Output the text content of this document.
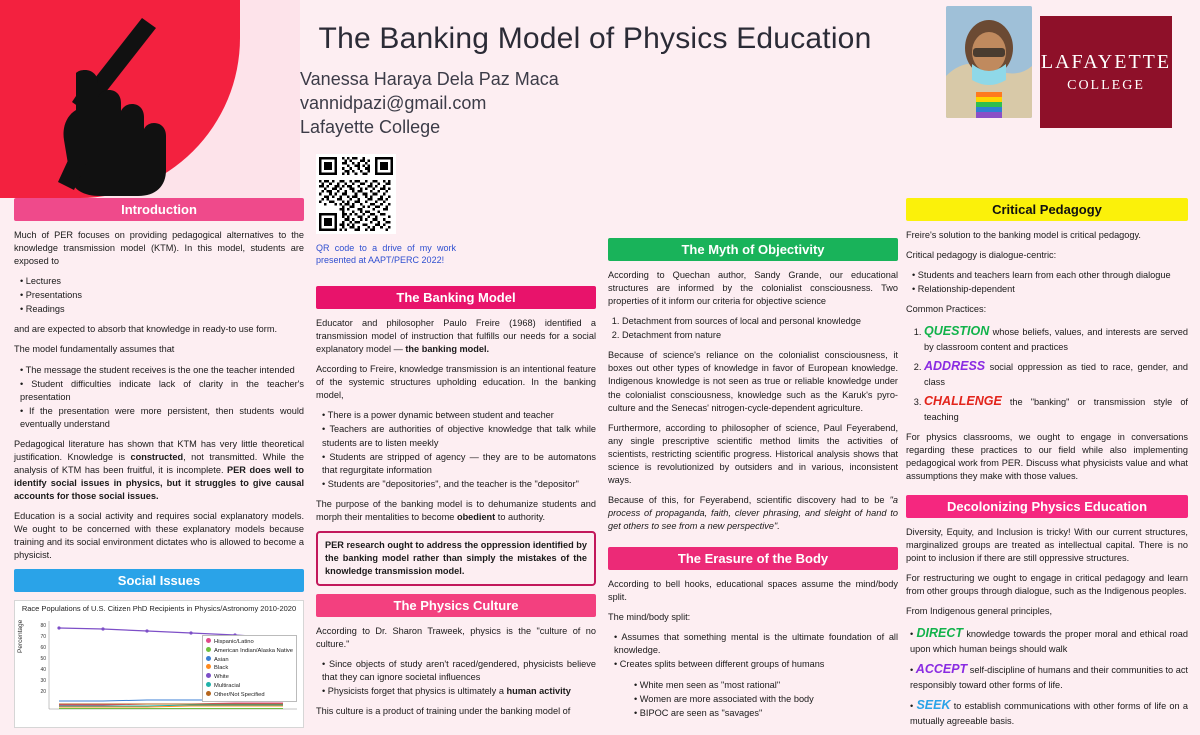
The Banking Model of Physics Education

Vanessa Haraya Dela Paz Maca

vannidpazi@gmail.com

Lafayette College

LAFAYETTE
COLLEGE
QR code to a drive of my work presented at AAPT/PERC 2022!
Introduction

Much of PER focuses on providing pedagogical alternatives to the knowledge transmission model (KTM). In this model, students are exposed to

• Lectures
• Presentations
• Readings

and are expected to absorb that knowledge in ready-to use form.

The model fundamentally assumes that

• The message the student receives is the one the teacher intended
• Student difficulties indicate lack of clarity in the teacher's presentation
• If the presentation were more persistent, then students would eventually understand

Pedagogical literature has shown that KTM has very little theoretical justification. Knowledge is constructed, not transmitted. While the analysis of KTM has been fruitful, it is incomplete. PER does well to identify social issues in physics, but it struggles to give causal accounts for those social issues.

Education is a social activity and requires social explanatory models. We ought to be concerned with these explanatory models because training and its social environment dictates who is allowed to become a physicist.

Social Issues
Race Populations of U.S. Citizen PhD Recipients in Physics/Astronomy 2010-2020
Percentage	80
70
60
50
40
30
20
Hispanic/Latino
American Indian/Alaska Native
Asian
Black
White
Multiracial
Other/Not Specified
The Banking Model

Educator and philosopher Paulo Freire (1968) identified a transmission model of instruction that fulfills our needs for a social explanatory model — the banking model.

According to Freire, knowledge transmission is an intentional feature of the systemic structures upholding education. In the banking model,

• There is a power dynamic between student and teacher
• Teachers are authorities of objective knowledge that talk while students are to listen meekly
• Students are stripped of agency — they are to be automatons that regurgitate information
• Students are "depositories", and the teacher is the "depositor"

The purpose of the banking model is to dehumanize students and morph their mentalities to become obedient to authority.

PER research ought to address the oppression identified by the banking model rather than simply the mistakes of the knowledge transmission model.
The Physics Culture

According to Dr. Sharon Traweek, physics is the "culture of no culture."

• Since objects of study aren't raced/gendered, physicists believe that they can ignore societal influences
• Physicists forget that physics is ultimately a human activity

This culture is a product of training under the banking model of

The Myth of Objectivity

According to Quechan author, Sandy Grande, our educational structures are informed by the colonialist consciousness. Two properties of it inform our criteria for objective science

1. Detachment from sources of local and personal knowledge
2. Detachment from nature

Because of science's reliance on the colonialist consciousness, it boxes out other types of knowledge in favor of European knowledge. Indigenous knowledge is not seen as true or reliable knowledge under the colonialist consciousness, knowledge such as the Karuk's pyro-culture and the Senecas' nitrogen-cycle-dependent agriculture.

Furthermore, according to philosopher of science, Paul Feyerabend, any single prescriptive scientific method limits the activities of scientists, restricting scientific progress. Historical analysis shows that science is revolutionized by outsiders and in various, inconsistent ways.

Because of this, for Feyerabend, scientific discovery had to be "a process of propaganda, faith, clever phrasing, and sleight of hand to get others to see from a new perspective".

The Erasure of the Body

According to bell hooks, educational spaces assume the mind/body split.

The mind/body split:

• Assumes that something mental is the ultimate foundation of all knowledge.
• Creates splits between different groups of humans
• White men seen as "most rational"
• Women are more associated with the body
• BIPOC are seen as "savages"
Critical Pedagogy

Freire's solution to the banking model is critical pedagogy.

Critical pedagogy is dialogue-centric:

• Students and teachers learn from each other through dialogue
• Relationship-dependent

Common Practices:

1. QUESTION whose beliefs, values, and interests are served by classroom content and practices
2. ADDRESS social oppression as tied to race, gender, and class
3. CHALLENGE the "banking" or transmission style of teaching

For physics classrooms, we ought to engage in conversations regarding these practices to our field while also implementing pedagogical work from PER. Discuss what physicists value and what assumptions they make with those values.

Decolonizing Physics Education

Diversity, Equity, and Inclusion is tricky! With our current structures, marginalized groups are treated as intellectual capital. There is no point to inclusion if there are still oppressive structures.

For restructuring we ought to engage in critical pedagogy and learn from other groups through dialogue, such as the Indigenous peoples.

From Indigenous general principles,

• DIRECT knowledge towards the proper moral and ethical road upon which human beings should walk
• ACCEPT self-discipline of humans and their communities to act responsibly toward other forms of life.
• SEEK to establish communications with other forms of life on a mutually agreeable basis.
